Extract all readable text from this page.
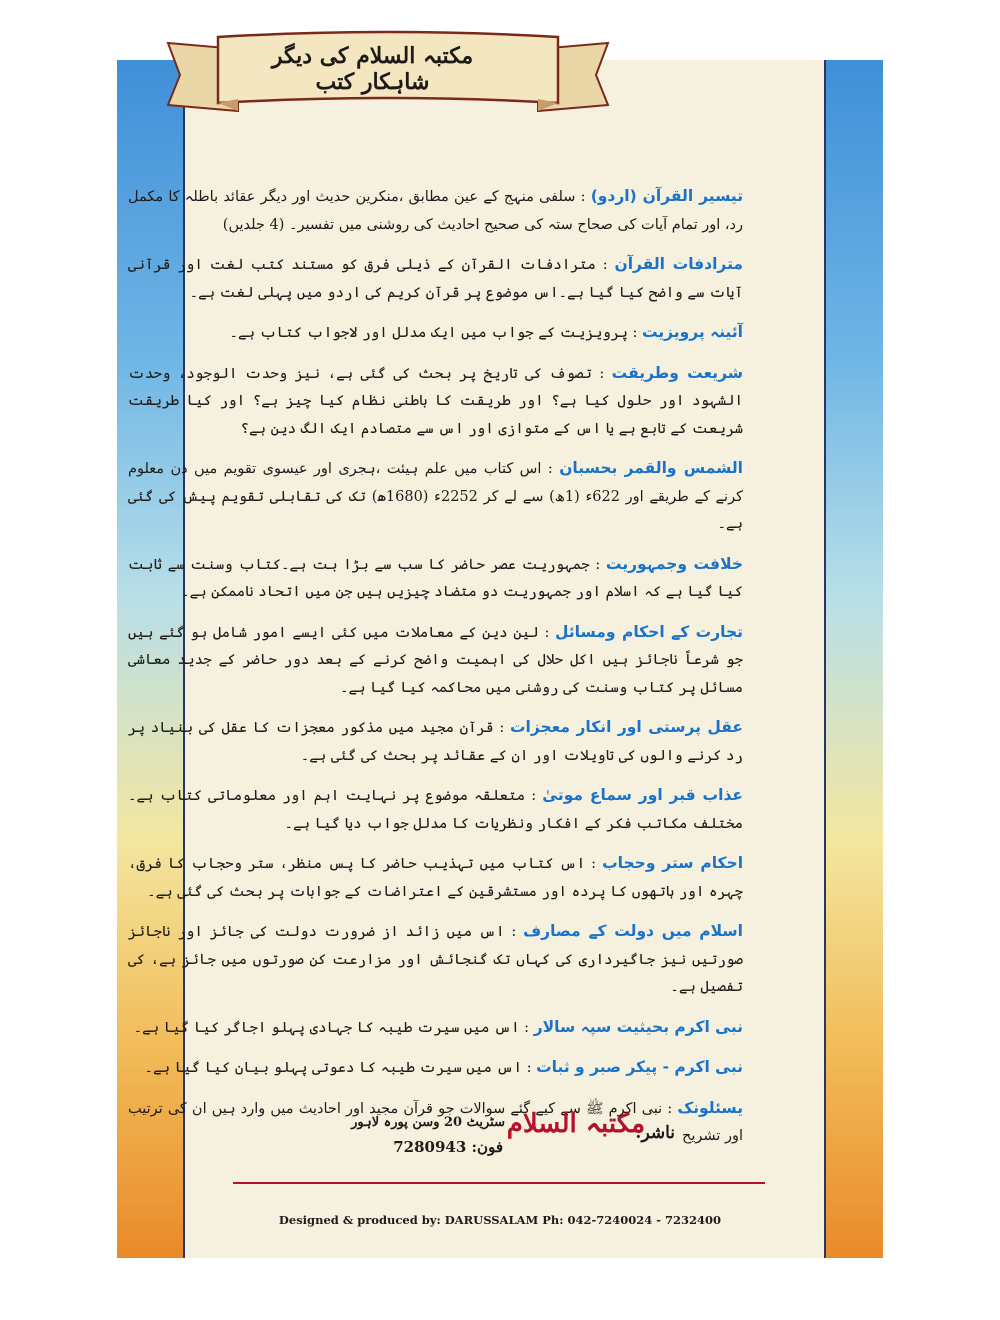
مکتبہ السلام کی دیگر شاہکار کتب
تیسیر القرآن (اردو) : سلفی منہج کے عین مطابق ،منکرین حدیث اور دیگر عقائد باطلہ کا مکمل رد، اور تمام آیات کی صحاح ستہ کی صحیح احادیث کی روشنی میں تفسیر۔ (4 جلدیں)
مترادفات القرآن : مترادفات القرآن کے ذیلی فرق کو مستند کتب لغت اور قرآنی آیات سے واضح کیا گیا ہے۔اس موضوع پر قرآن کریم کی اردو میں پہلی لغت ہے۔
آئینہ پرویزیت : پرویزیت کے جواب میں ایک مدلل اور لاجواب کتاب ہے۔
شریعت وطریقت : تصوف کی تاریخ پر بحث کی گئی ہے، نیز وحدت الوجود، وحدت الشہود اور حلول کیا ہے؟ اور طریقت کا باطنی نظام کیا چیز ہے؟ اور کیا طریقت شریعت کے تابع ہے یا اس کے متوازی اور اس سے متصادم ایک الگ دین ہے؟
الشمس والقمر بحسبان : اس کتاب میں علم ہیئت ،ہجری اور عیسوی تقویم میں دن معلوم کرنے کے طریقے اور 622ء (1ھ) سے لے کر 2252ء (1680ھ) تک کی تقابلی تقویم پیش کی گئی ہے۔
خلافت وجمہوریت : جمہوریت عصر حاضر کا سب سے بڑا بت ہے۔کتاب وسنت سے ثابت کیا گیا ہے کہ اسلام اور جمہوریت دو متضاد چیزیں ہیں جن میں اتحاد ناممکن ہے۔
تجارت کے احکام ومسائل : لین دین کے معاملات میں کئی ایسے امور شامل ہو گئے ہیں جو شرعاً ناجائز ہیں اکل حلال کی اہمیت واضح کرنے کے بعد دور حاضر کے جدید معاشی مسائل پر کتاب وسنت کی روشنی میں محاکمہ کیا گیا ہے۔
عقل پرستی اور انکار معجزات : قرآن مجید میں مذکور معجزات کا عقل کی بنیاد پر رد کرنے والوں کی تاویلات اور ان کے عقائد پر بحث کی گئی ہے۔
عذاب قبر اور سماع موتیٰ : متعلقہ موضوع پر نہایت اہم اور معلوماتی کتاب ہے۔مختلف مکاتب فکر کے افکار ونظریات کا مدلل جواب دیا گیا ہے۔
احکام ستر وحجاب : اس کتاب میں تہذیب حاضر کا پس منظر، ستر وحجاب کا فرق، چہرہ اور ہاتھوں کا پردہ اور مستشرقین کے اعتراضات کے جوابات پر بحث کی گئی ہے۔
اسلام میں دولت کے مصارف : اس میں زائد از ضرورت دولت کی جائز اور ناجائز صورتیں نیز جاگیرداری کی کہاں تک گنجائش اور مزارعت کن صورتوں میں جائز ہے، کی تفصیل ہے۔
نبی اکرم بحیثیت سپہ سالار : اس میں سیرت طیبہ کا جہادی پہلو اجاگر کیا گیا ہے۔
نبی اکرم - پیکر صبر و ثبات : اس میں سیرت طیبہ کا دعوتی پہلو بیان کیا گیا ہے۔
یسئلونک : نبی اکرم ﷺ سے کیے گئے سوالات جو قرآن مجید اور احادیث میں وارد ہیں ان کی ترتیب اور تشریح
ناشر:
مکتبہ السلام
سٹریٹ 20 وسن پورہ لاہور
فون: 7280943
Designed & produced by: DARUSSALAM Ph: 042-7240024 - 7232400
